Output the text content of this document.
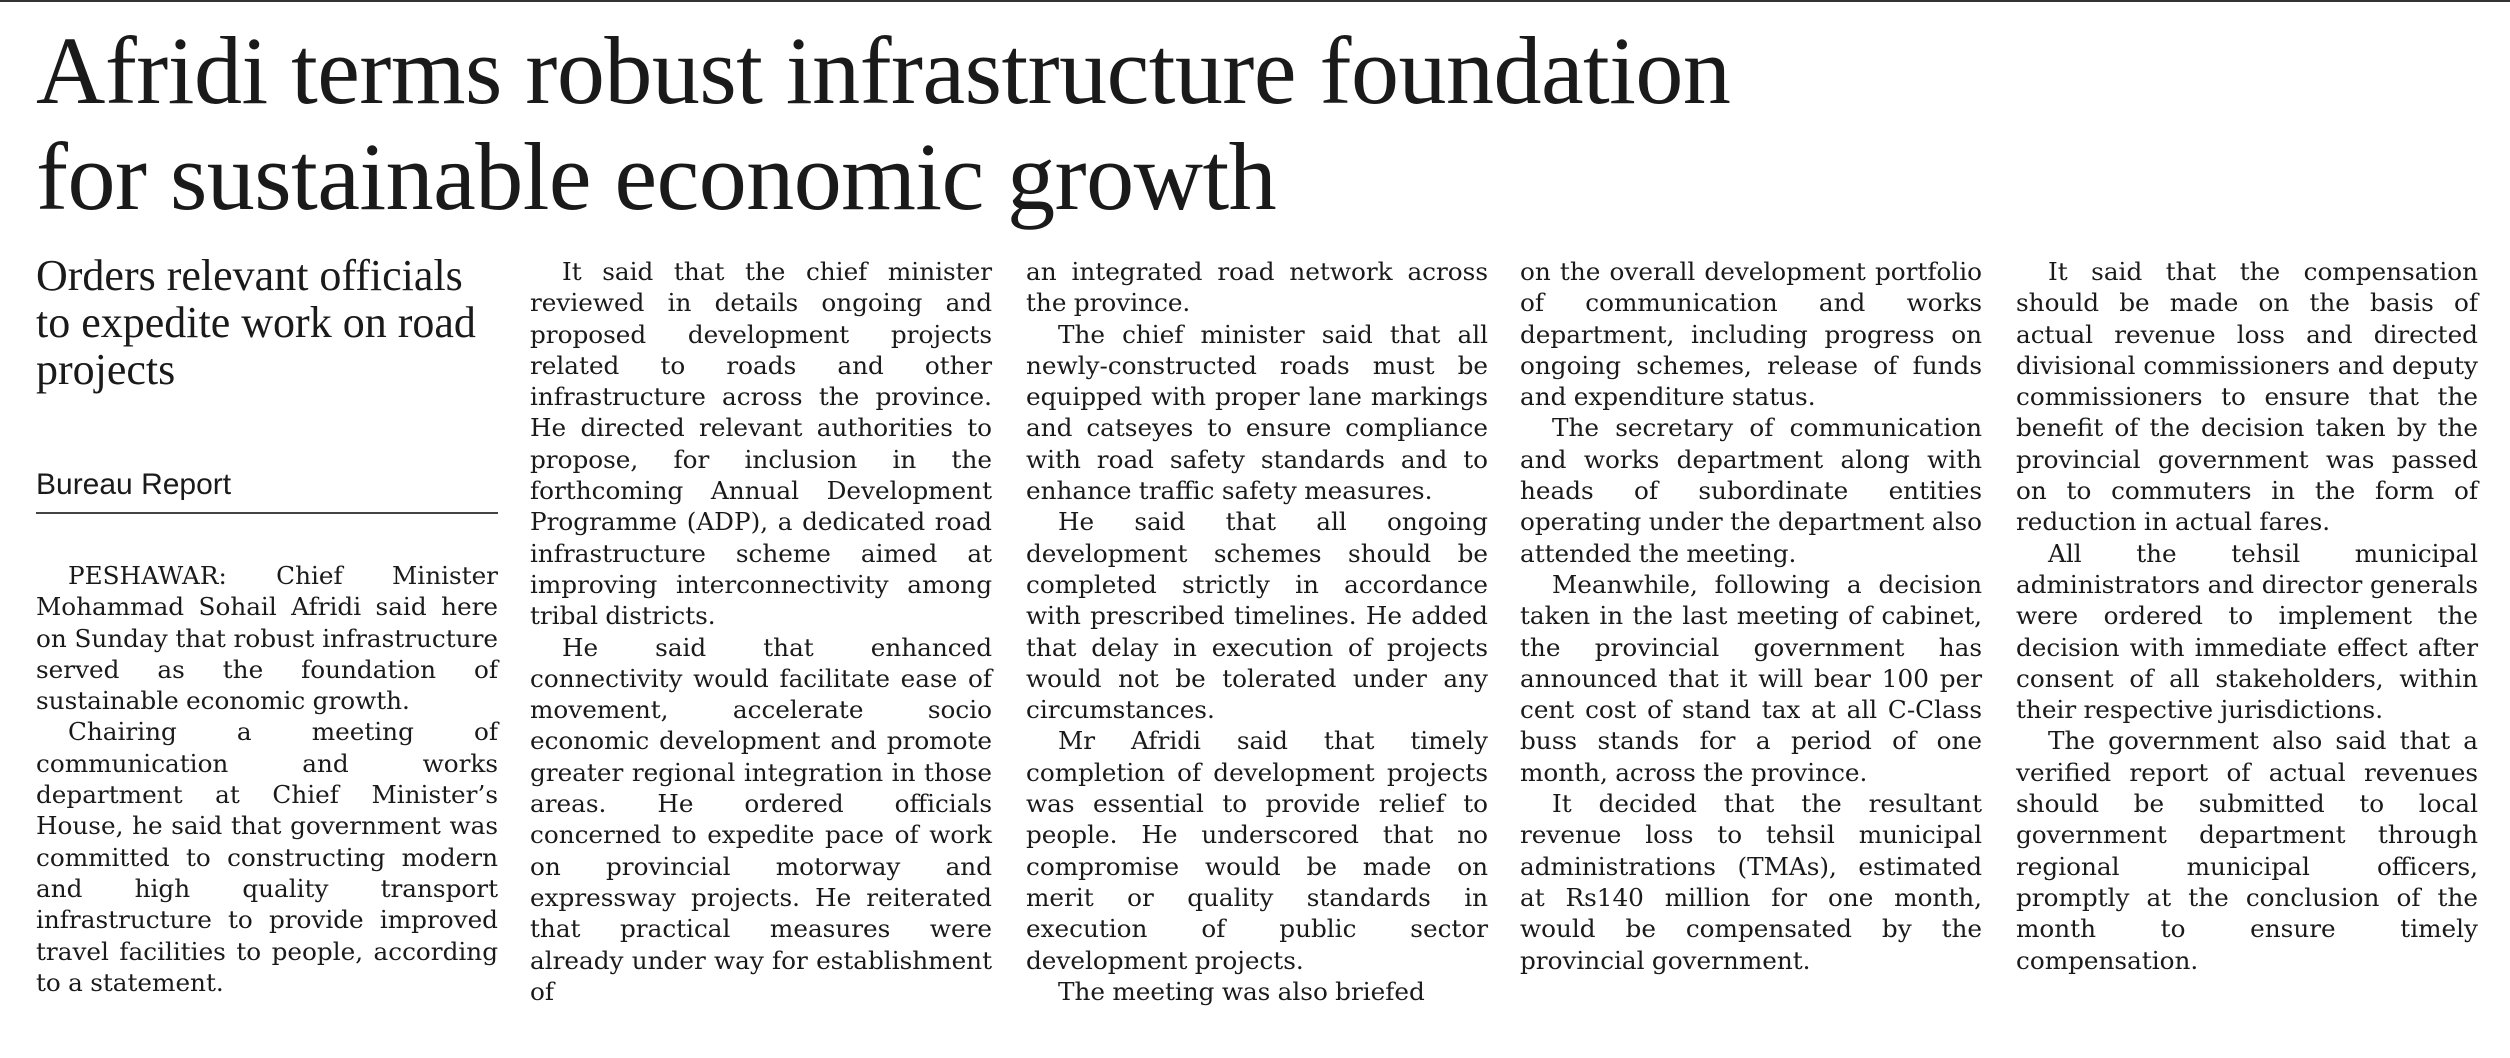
Afridi terms robust infrastructure foundation
for sustainable economic growth
Orders relevant officials to expedite work on road projects
Bureau Report

PESHAWAR: Chief Minister Mohammad Sohail Afridi said here on Sunday that robust infrastructure served as the foundation of sustainable economic growth.

Chairing a meeting of communication and works department at Chief Minister’s House, he said that government was committed to constructing modern and high quality transport infrastructure to provide improved travel facilities to people, according to a statement.

It said that the chief minister reviewed in details ongoing and proposed development projects related to roads and other infrastructure across the province. He directed relevant authorities to propose, for inclusion in the forthcoming Annual Development Programme (ADP), a dedicated road infrastructure scheme aimed at improving interconnectivity among tribal districts.

He said that enhanced connectivity would facilitate ease of movement, accelerate socio economic development and promote greater regional integration in those areas. He ordered officials concerned to expedite pace of work on provincial motorway and expressway projects. He reiterated that practical measures were already under way for establishment of

an integrated road network across the province.

The chief minister said that all newly-constructed roads must be equipped with proper lane markings and catseyes to ensure compliance with road safety standards and to enhance traffic safety measures.

He said that all ongoing development schemes should be completed strictly in accordance with prescribed timelines. He added that delay in execution of projects would not be tolerated under any circumstances.

Mr Afridi said that timely completion of development projects was essential to provide relief to people. He underscored that no compromise would be made on merit or quality standards in execution of public sector development projects.

The meeting was also briefed

on the overall development portfolio of communication and works department, including progress on ongoing schemes, release of funds and expenditure status.

The secretary of communication and works department along with heads of subordinate entities operating under the department also attended the meeting.

Meanwhile, following a decision taken in the last meeting of cabinet, the provincial government has announced that it will bear 100 per cent cost of stand tax at all C-Class buss stands for a period of one month, across the province.

It decided that the resultant revenue loss to tehsil municipal administrations (TMAs), estimated at Rs140 million for one month, would be compensated by the provincial government.

It said that the compensation should be made on the basis of actual revenue loss and directed divisional commissioners and deputy commissioners to ensure that the benefit of the decision taken by the provincial government was passed on to commuters in the form of reduction in actual fares.

All the tehsil municipal administrators and director generals were ordered to implement the decision with immediate effect after consent of all stakeholders, within their respective jurisdictions.

The government also said that a verified report of actual revenues should be submitted to local government department through regional municipal officers, promptly at the conclusion of the month to ensure timely compensation.
